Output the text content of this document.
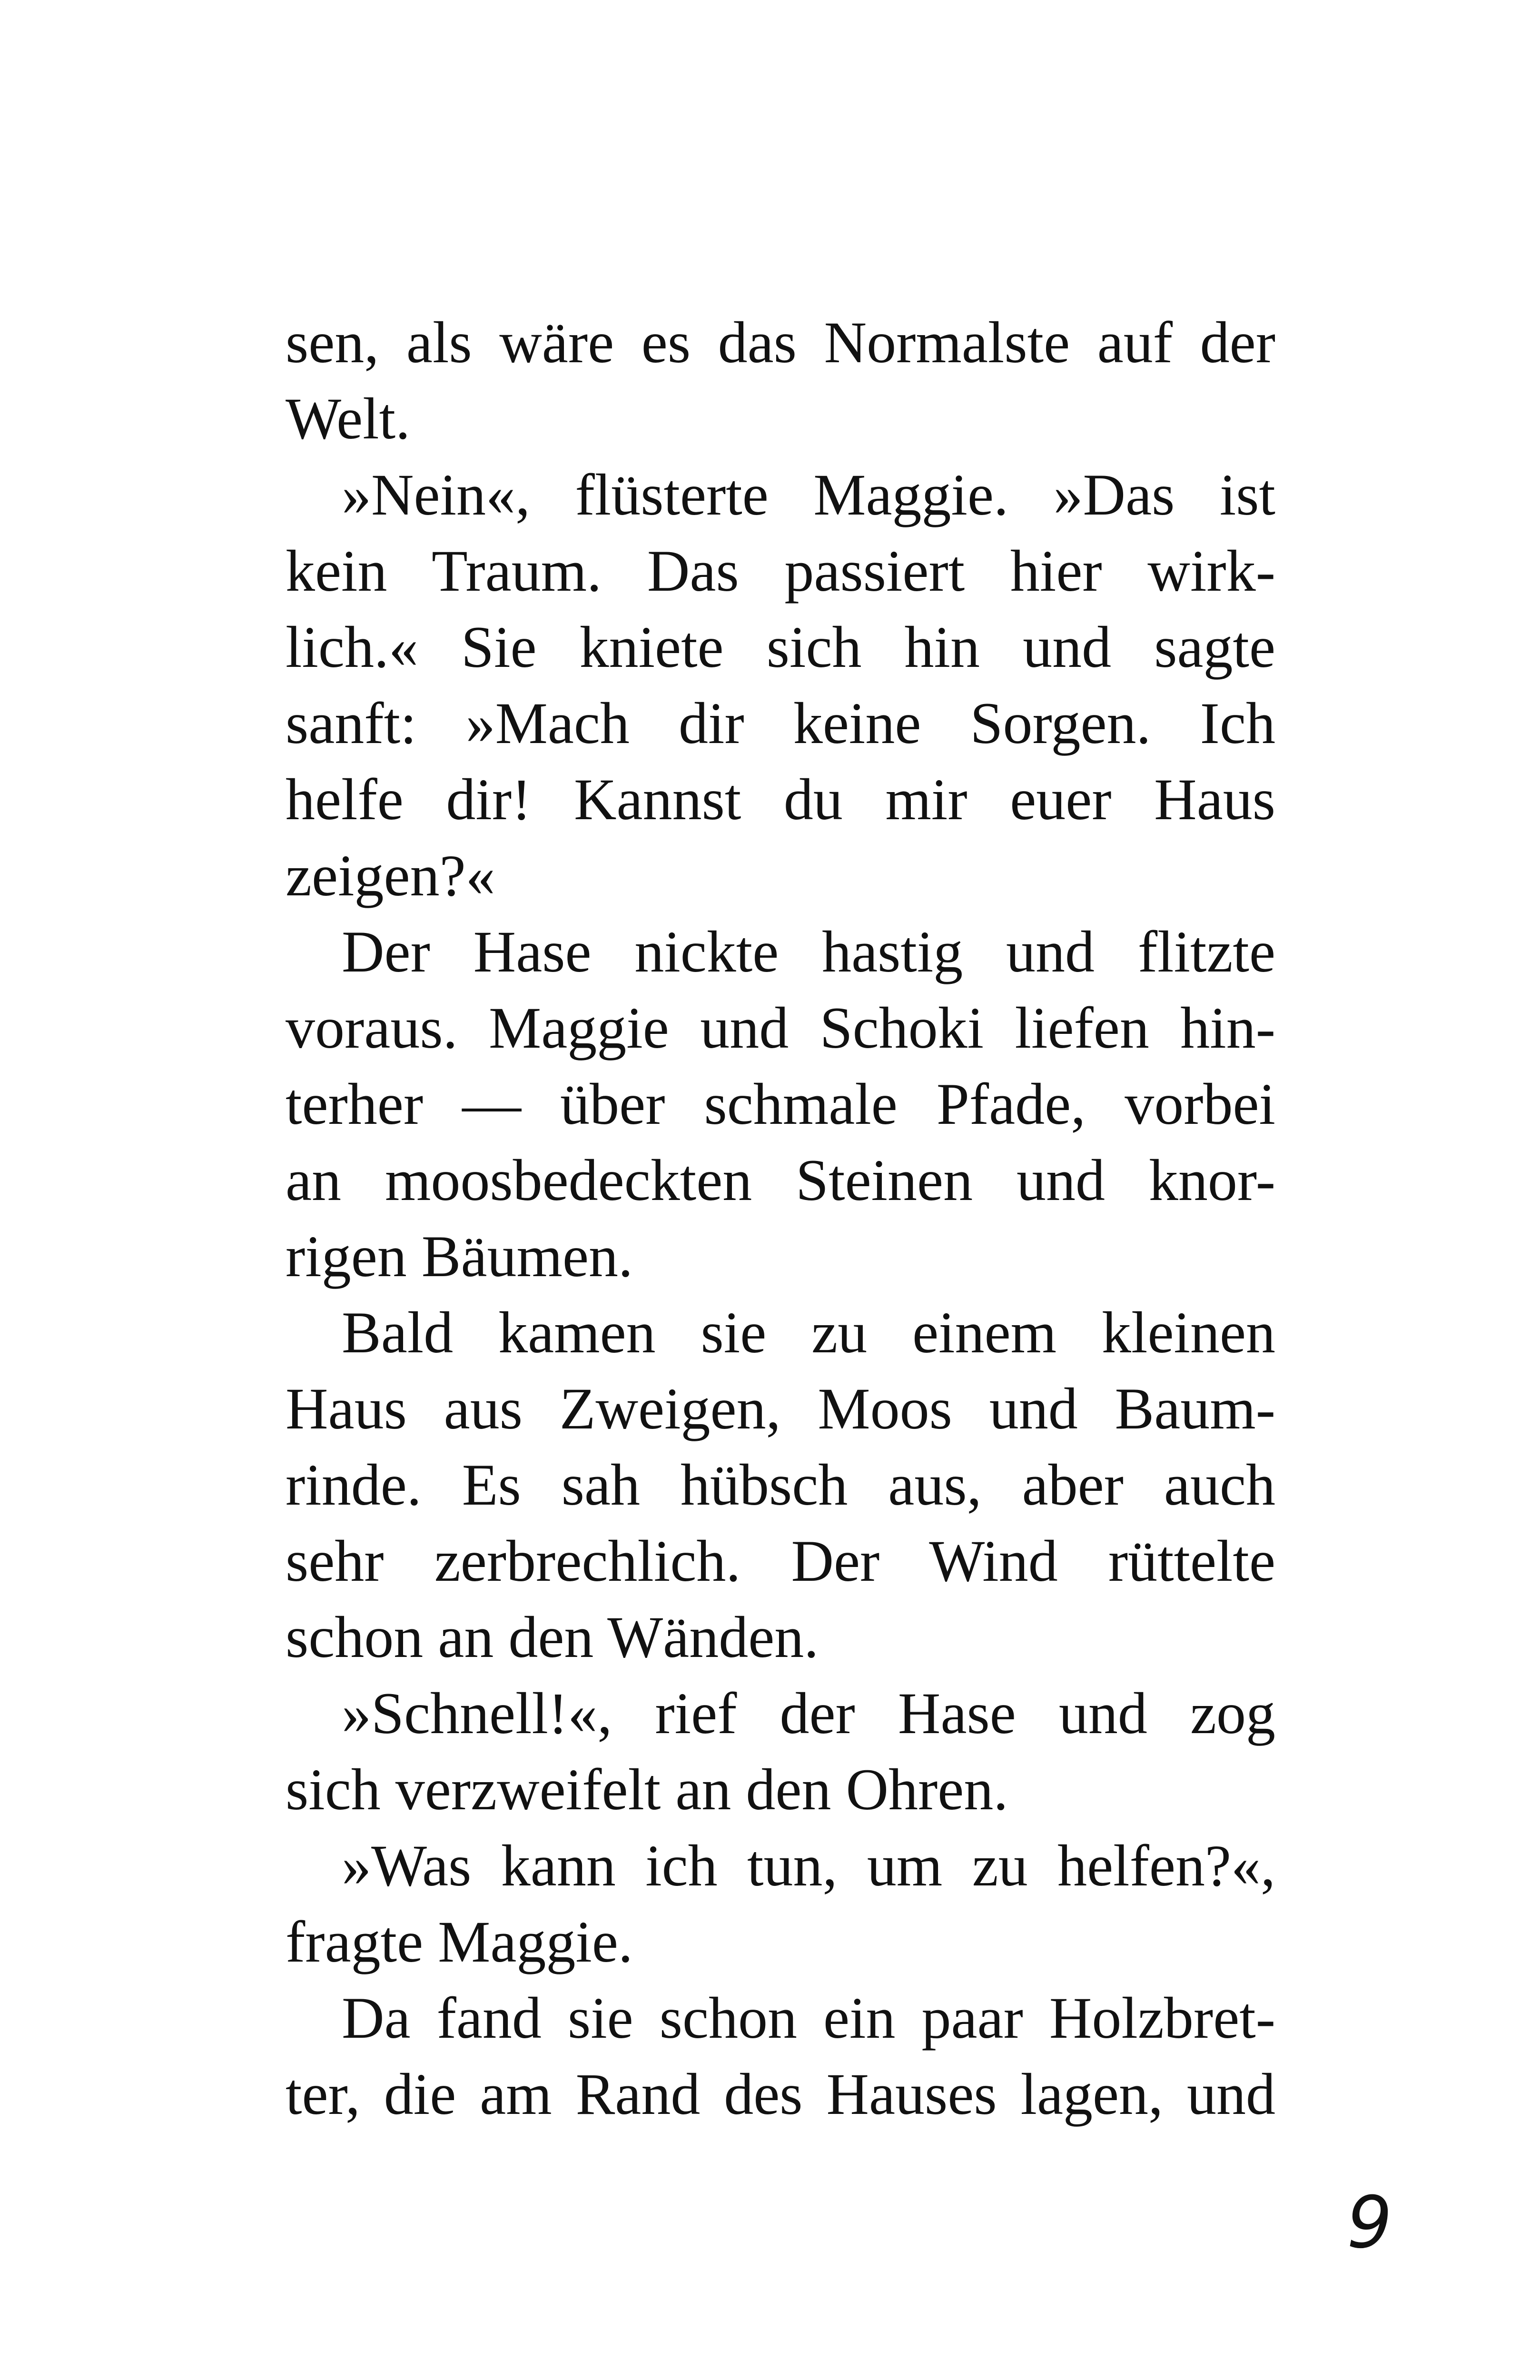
sen, als wäre es das Normalste auf der
Welt.
»Nein«, flüsterte Maggie. »Das ist
kein Traum. Das passiert hier wirk-
lich.« Sie kniete sich hin und sagte
sanft: »Mach dir keine Sorgen. Ich
helfe dir! Kannst du mir euer Haus
zeigen?«
Der Hase nickte hastig und flitzte
voraus. Maggie und Schoki liefen hin-
terher — über schmale Pfade, vorbei
an moosbedeckten Steinen und knor-
rigen Bäumen.
Bald kamen sie zu einem kleinen
Haus aus Zweigen, Moos und Baum-
rinde. Es sah hübsch aus, aber auch
sehr zerbrechlich. Der Wind rüttelte
schon an den Wänden.
»Schnell!«, rief der Hase und zog
sich verzweifelt an den Ohren.
»Was kann ich tun, um zu helfen?«,
fragte Maggie.
Da fand sie schon ein paar Holzbret-
ter, die am Rand des Hauses lagen, und
9
